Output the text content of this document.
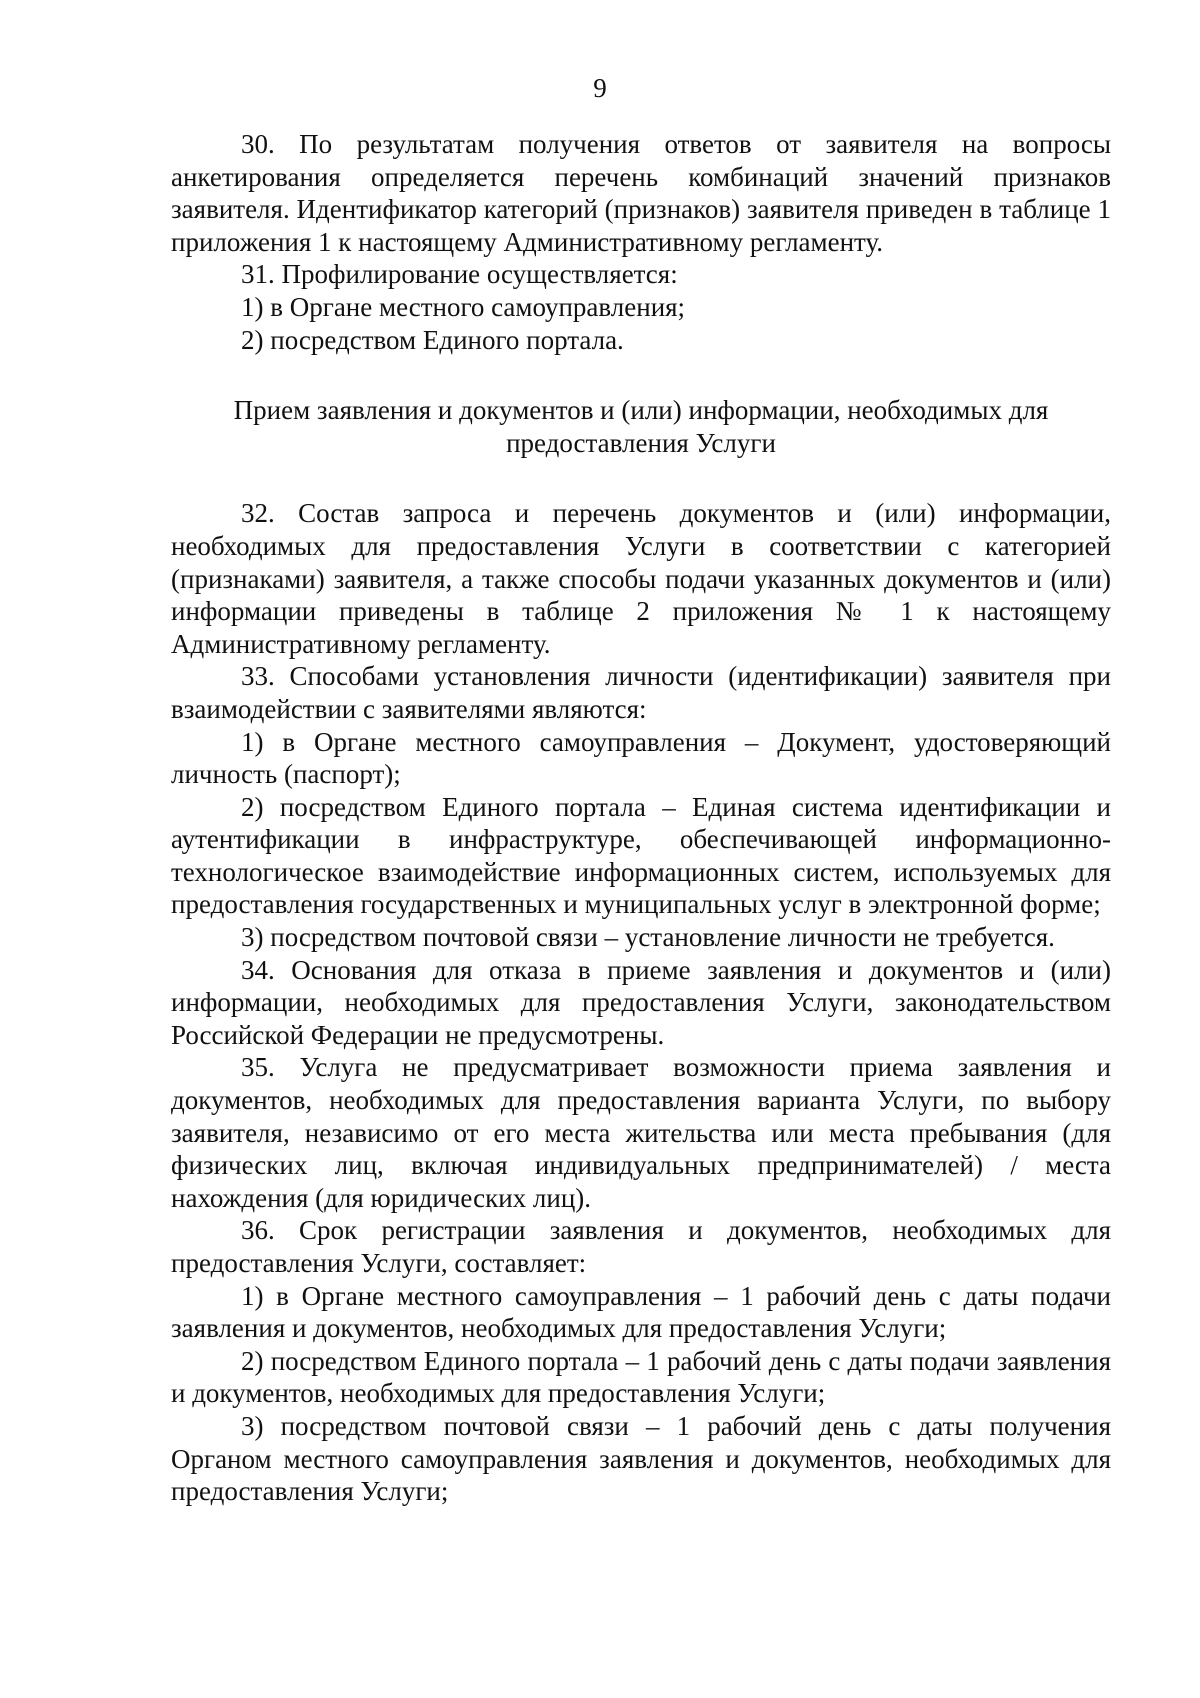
9

30. По результатам получения ответов от заявителя на вопросы анкетирования определяется перечень комбинаций значений признаков заявителя. Идентификатор категорий (признаков) заявителя приведен в таблице 1 приложения 1 к настоящему Административному регламенту.

31. Профилирование осуществляется:

1) в Органе местного самоуправления;

2) посредством Единого портала.

Прием заявления и документов и (или) информации, необходимых для предоставления Услуги

32. Состав запроса и перечень документов и (или) информации, необходимых для предоставления Услуги в соответствии с категорией (признаками) заявителя, а также способы подачи указанных документов и (или) информации приведены в таблице 2 приложения № 1 к настоящему Административному регламенту.

33. Способами установления личности (идентификации) заявителя при взаимодействии с заявителями являются:

1) в Органе местного самоуправления – Документ, удостоверяющий личность (паспорт);

2) посредством Единого портала – Единая система идентификации и аутентификации в инфраструктуре, обеспечивающей информационно-технологическое взаимодействие информационных систем, используемых для предоставления государственных и муниципальных услуг в электронной форме;

3) посредством почтовой связи – установление личности не требуется.

34. Основания для отказа в приеме заявления и документов и (или) информации, необходимых для предоставления Услуги, законодательством Российской Федерации не предусмотрены.

35. Услуга не предусматривает возможности приема заявления и документов, необходимых для предоставления варианта Услуги, по выбору заявителя, независимо от его места жительства или места пребывания (для физических лиц, включая индивидуальных предпринимателей) / места нахождения (для юридических лиц).

36. Срок регистрации заявления и документов, необходимых для предоставления Услуги, составляет:

1) в Органе местного самоуправления – 1 рабочий день с даты подачи заявления и документов, необходимых для предоставления Услуги;

2) посредством Единого портала – 1 рабочий день с даты подачи заявления и документов, необходимых для предоставления Услуги;

3) посредством почтовой связи – 1 рабочий день с даты получения Органом местного самоуправления заявления и документов, необходимых для предоставления Услуги;
